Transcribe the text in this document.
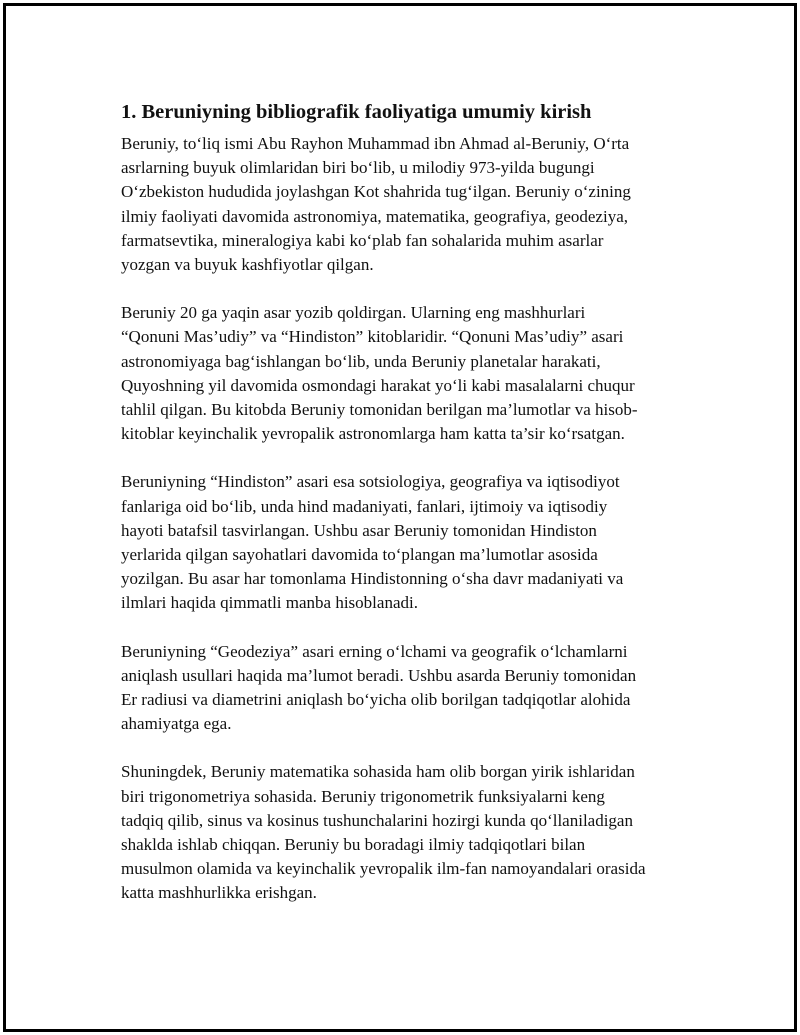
1. Beruniyning bibliografik faoliyatiga umumiy kirish

Beruniy, to‘liq ismi Abu Rayhon Muhammad ibn Ahmad al-Beruniy, O‘rta
asrlarning buyuk olimlaridan biri bo‘lib, u milodiy 973-yilda bugungi
O‘zbekiston hududida joylashgan Kot shahrida tug‘ilgan. Beruniy o‘zining
ilmiy faoliyati davomida astronomiya, matematika, geografiya, geodeziya,
farmatsevtika, mineralogiya kabi ko‘plab fan sohalarida muhim asarlar
yozgan va buyuk kashfiyotlar qilgan.

Beruniy 20 ga yaqin asar yozib qoldirgan. Ularning eng mashhurlari
“Qonuni Mas’udiy” va “Hindiston” kitoblaridir. “Qonuni Mas’udiy” asari
astronomiyaga bag‘ishlangan bo‘lib, unda Beruniy planetalar harakati,
Quyoshning yil davomida osmondagi harakat yo‘li kabi masalalarni chuqur
tahlil qilgan. Bu kitobda Beruniy tomonidan berilgan ma’lumotlar va hisob-
kitoblar keyinchalik yevropalik astronomlarga ham katta ta’sir ko‘rsatgan.

Beruniyning “Hindiston” asari esa sotsiologiya, geografiya va iqtisodiyot
fanlariga oid bo‘lib, unda hind madaniyati, fanlari, ijtimoiy va iqtisodiy
hayoti batafsil tasvirlangan. Ushbu asar Beruniy tomonidan Hindiston
yerlarida qilgan sayohatlari davomida to‘plangan ma’lumotlar asosida
yozilgan. Bu asar har tomonlama Hindistonning o‘sha davr madaniyati va
ilmlari haqida qimmatli manba hisoblanadi.

Beruniyning “Geodeziya” asari erning o‘lchami va geografik o‘lchamlarni
aniqlash usullari haqida ma’lumot beradi. Ushbu asarda Beruniy tomonidan
Er radiusi va diametrini aniqlash bo‘yicha olib borilgan tadqiqotlar alohida
ahamiyatga ega.

Shuningdek, Beruniy matematika sohasida ham olib borgan yirik ishlaridan
biri trigonometriya sohasida. Beruniy trigonometrik funksiyalarni keng
tadqiq qilib, sinus va kosinus tushunchalarini hozirgi kunda qo‘llaniladigan
shaklda ishlab chiqqan. Beruniy bu boradagi ilmiy tadqiqotlari bilan
musulmon olamida va keyinchalik yevropalik ilm-fan namoyandalari orasida
katta mashhurlikka erishgan.
